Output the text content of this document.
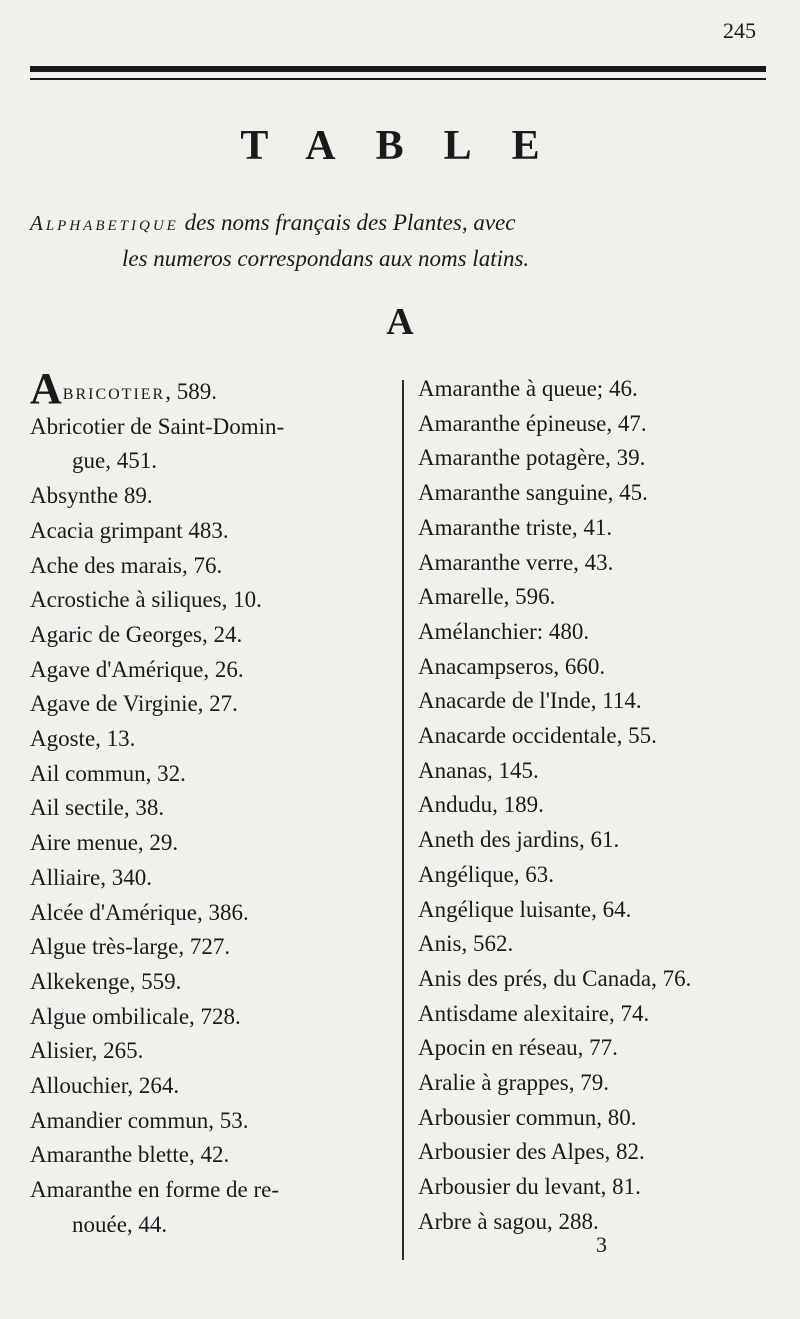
245
TABLE
Alphabetique des noms français des Plantes, avec
les numeros correspondans aux noms latins.
A
Abricotier, 589.
Abricotier de Saint-Domin-
gue, 451.
Absynthe 89.
Acacia grimpant 483.
Ache des marais, 76.
Acrostiche à siliques, 10.
Agaric de Georges, 24.
Agave d'Amérique, 26.
Agave de Virginie, 27.
Agoste, 13.
Ail commun, 32.
Ail sectile, 38.
Aire menue, 29.
Alliaire, 340.
Alcée d'Amérique, 386.
Algue très-large, 727.
Alkekenge, 559.
Algue ombilicale, 728.
Alisier, 265.
Allouchier, 264.
Amandier commun, 53.
Amaranthe blette, 42.
Amaranthe en forme de re-
nouée, 44.
Amaranthe à queue; 46.
Amaranthe épineuse, 47.
Amaranthe potagère, 39.
Amaranthe sanguine, 45.
Amaranthe triste, 41.
Amaranthe verre, 43.
Amarelle, 596.
Amélanchier: 480.
Anacampseros, 660.
Anacarde de l'Inde, 114.
Anacarde occidentale, 55.
Ananas, 145.
Andudu, 189.
Aneth des jardins, 61.
Angélique, 63.
Angélique luisante, 64.
Anis, 562.
Anis des prés, du Canada, 76.
Antisdame alexitaire, 74.
Apocin en réseau, 77.
Aralie à grappes, 79.
Arbousier commun, 80.
Arbousier des Alpes, 82.
Arbousier du levant, 81.
Arbre à sagou, 288.
3
